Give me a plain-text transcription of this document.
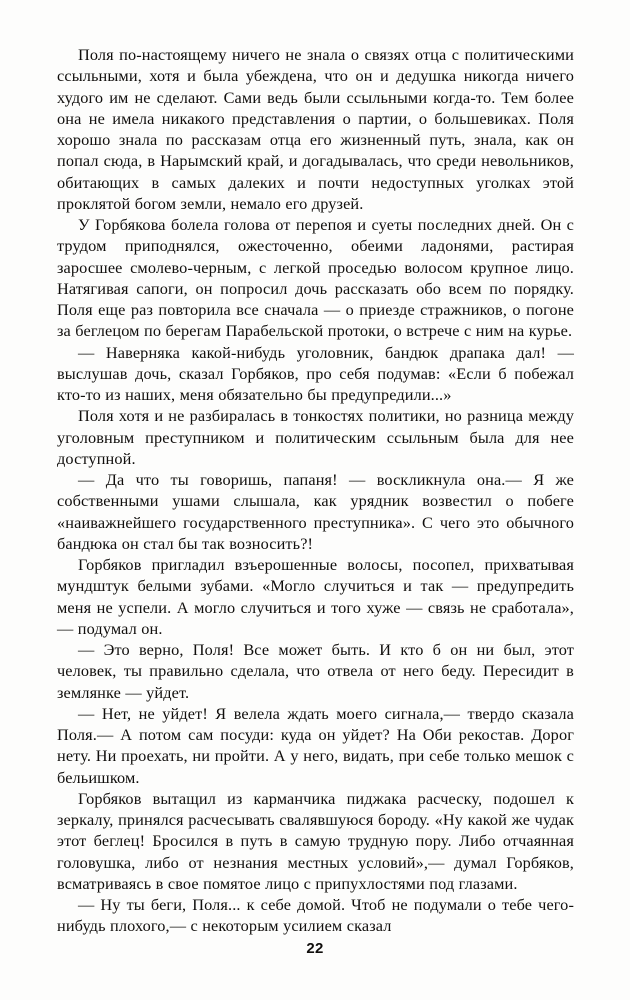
Поля по-настоящему ничего не знала о связях отца с политическими ссыльными, хотя и была убеждена, что он и дедушка никогда ничего худого им не сделают. Сами ведь были ссыльными когда-то. Тем более она не имела никакого представления о партии, о большевиках. Поля хорошо знала по рассказам отца его жизненный путь, знала, как он попал сюда, в Нарымский край, и догадывалась, что среди невольников, обитающих в самых далеких и почти недоступных уголках этой проклятой богом земли, немало его друзей.

У Горбякова болела голова от перепоя и суеты последних дней. Он с трудом приподнялся, ожесточенно, обеими ладонями, растирая заросшее смолево-черным, с легкой проседью волосом крупное лицо. Натягивая сапоги, он попросил дочь рассказать обо всем по порядку. Поля еще раз повторила все сначала — о приезде стражников, о погоне за беглецом по берегам Парабельской протоки, о встрече с ним на курье.

— Наверняка какой-нибудь уголовник, бандюк драпака дал! — выслушав дочь, сказал Горбяков, про себя подумав: «Если б побежал кто-то из наших, меня обязательно бы предупредили...»

Поля хотя и не разбиралась в тонкостях политики, но разница между уголовным преступником и политическим ссыльным была для нее доступной.

— Да что ты говоришь, папаня! — воскликнула она.— Я же собственными ушами слышала, как урядник возвестил о побеге «наиважнейшего государственного преступника». С чего это обычного бандюка он стал бы так возносить?!

Горбяков пригладил взъерошенные волосы, посопел, прихватывая мундштук белыми зубами. «Могло случиться и так — предупредить меня не успели. А могло случиться и того хуже — связь не сработала»,— подумал он.

— Это верно, Поля! Все может быть. И кто б он ни был, этот человек, ты правильно сделала, что отвела от него беду. Пересидит в землянке — уйдет.

— Нет, не уйдет! Я велела ждать моего сигнала,— твердо сказала Поля.— А потом сам посуди: куда он уйдет? На Оби рекостав. Дорог нету. Ни проехать, ни пройти. А у него, видать, при себе только мешок с бельишком.

Горбяков вытащил из карманчика пиджака расческу, подошел к зеркалу, принялся расчесывать свалявшуюся бороду. «Ну какой же чудак этот беглец! Бросился в путь в самую трудную пору. Либо отчаянная головушка, либо от незнания местных условий»,— думал Горбяков, всматриваясь в свое помятое лицо с припухлостями под глазами.

— Ну ты беги, Поля... к себе домой. Чтоб не подумали о тебе чего-нибудь плохого,— с некоторым усилием сказал

22
